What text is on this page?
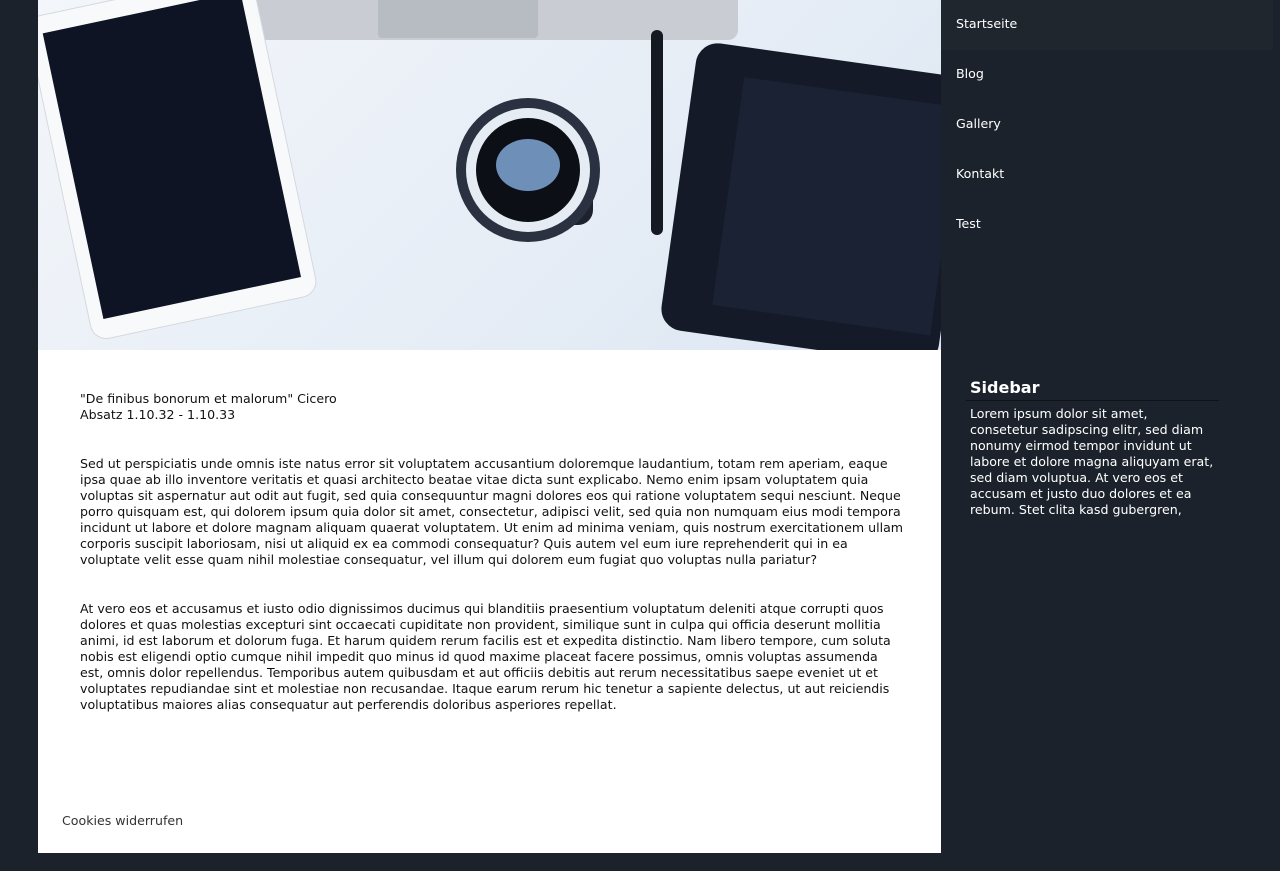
"De finibus bonorum et malorum" Cicero
Absatz 1.10.32 - 1.10.33

Sed ut perspiciatis unde omnis iste natus error sit voluptatem accusantium doloremque laudantium, totam rem aperiam, eaque ipsa quae ab illo inventore veritatis et quasi architecto beatae vitae dicta sunt explicabo. Nemo enim ipsam voluptatem quia voluptas sit aspernatur aut odit aut fugit, sed quia consequuntur magni dolores eos qui ratione voluptatem sequi nesciunt. Neque porro quisquam est, qui dolorem ipsum quia dolor sit amet, consectetur, adipisci velit, sed quia non numquam eius modi tempora incidunt ut labore et dolore magnam aliquam quaerat voluptatem. Ut enim ad minima veniam, quis nostrum exercitationem ullam corporis suscipit laboriosam, nisi ut aliquid ex ea commodi consequatur? Quis autem vel eum iure reprehenderit qui in ea voluptate velit esse quam nihil molestiae consequatur, vel illum qui dolorem eum fugiat quo voluptas nulla pariatur?

At vero eos et accusamus et iusto odio dignissimos ducimus qui blanditiis praesentium voluptatum deleniti atque corrupti quos dolores et quas molestias excepturi sint occaecati cupiditate non provident, similique sunt in culpa qui officia deserunt mollitia animi, id est laborum et dolorum fuga. Et harum quidem rerum facilis est et expedita distinctio. Nam libero tempore, cum soluta nobis est eligendi optio cumque nihil impedit quo minus id quod maxime placeat facere possimus, omnis voluptas assumenda est, omnis dolor repellendus. Temporibus autem quibusdam et aut officiis debitis aut rerum necessitatibus saepe eveniet ut et voluptates repudiandae sint et molestiae non recusandae. Itaque earum rerum hic tenetur a sapiente delectus, ut aut reiciendis voluptatibus maiores alias consequatur aut perferendis doloribus asperiores repellat.

Cookies widerrufen
Startseite
Blog
Gallery
Kontakt
Test
Sidebar
Lorem ipsum dolor sit amet, consetetur sadipscing elitr, sed diam nonumy eirmod tempor invidunt ut labore et dolore magna aliquyam erat, sed diam voluptua. At vero eos et accusam et justo duo dolores et ea rebum. Stet clita kasd gubergren,
